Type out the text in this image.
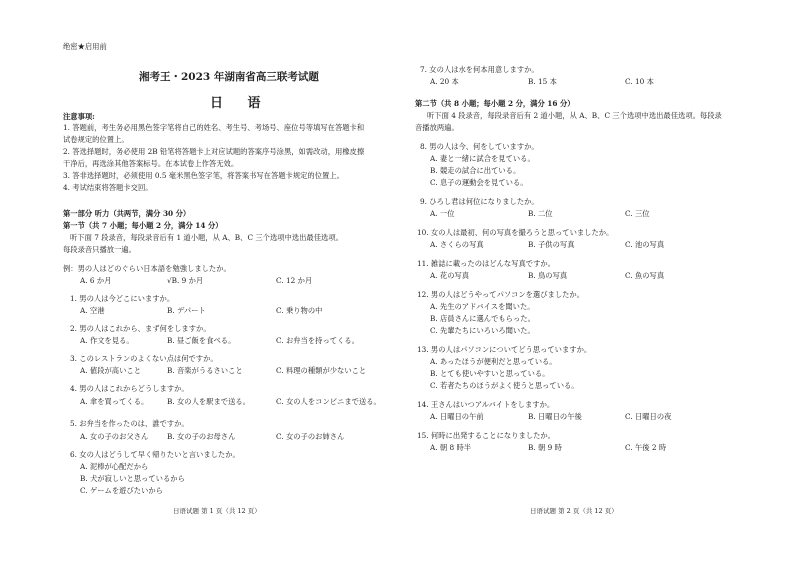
绝密★启用前
湘考王・2023 年湖南省高三联考试题
日 语
注意事项:
1. 答题前，考生务必用黑色签字笔将自己的姓名、考生号、考场号、座位号等填写在答题卡和
试卷规定的位置上。
2. 答选择题时，务必使用 2B 铅笔将答题卡上对应试题的答案序号涂黑，如需改动，用橡皮擦
干净后，再选涂其他答案标号。在本试卷上作答无效。
3. 答非选择题时，必须使用 0.5 毫米黑色签字笔，将答案书写在答题卡规定的位置上。
4. 考试结束将答题卡交回。
第一部分 听力（共两节，满分 30 分）
第一节（共 7 小题；每小题 2 分，满分 14 分）
听下面 7 段录音，每段录音后有 1 道小题，从 A、B、C 三个选项中选出最佳选项。
每段录音只播放一遍。
例：男の人はどのぐらい日本語を勉強しましたか。
A. 6 か月	√B. 9 か月	C. 12 か月
1. 男の人は今どこにいますか。
A. 空港	B. デパート	C. 乗り物の中
2. 男の人はこれから、まず何をしますか。
A. 作文を見る。	B. 昼ご飯を食べる。	C. お弁当を持ってくる。
3. このレストランのよくない点は何ですか。
A. 値段が高いこと	B. 音楽がうるさいこと	C. 料理の種類が少ないこと
4. 男の人はこれからどうしますか。
A. 傘を買ってくる。	B. 女の人を駅まで送る。	C. 女の人をコンビニまで送る。
5. お弁当を作ったのは、誰ですか。
A. 女の子のお父さん	B. 女の子のお母さん	C. 女の子のお姉さん
6. 女の人はどうして早く帰りたいと言いましたか。
A. 泥棒が心配だから
B. 犬が寂しいと思っているから
C. ゲームを遊びたいから
日语试题 第 1 页（共 12 页）
7. 女の人は水を何本用意しますか。
A. 20 本	B. 15 本	C. 10 本
第二节（共 8 小题；每小题 2 分，满分 16 分）
听下面 4 段录音，每段录音后有 2 道小题，从 A、B、C 三个选项中选出最佳选项。每段录
音播放两遍。
8. 男の人は今、何をしていますか。
A. 妻と一緒に試合を見ている。
B. 競走の試合に出ている。
C. 息子の運動会を見ている。
9. ひろし君は何位になりましたか。
A. 一位	B. 二位	C. 三位
10. 女の人は最初、何の写真を撮ろうと思っていましたか。
A. さくらの写真	B. 子供の写真	C. 池の写真
11. 雑誌に載ったのはどんな写真ですか。
A. 花の写真	B. 鳥の写真	C. 魚の写真
12. 男の人はどうやってパソコンを選びましたか。
A. 先生のアドバイスを聞いた。
B. 店員さんに選んでもらった。
C. 先輩たちにいろいろ聞いた。
13. 男の人はパソコンについてどう思っていますか。
A. あったほうが便利だと思っている。
B. とても使いやすいと思っている。
C. 若者たちのほうがよく使うと思っている。
14. 王さんはいつアルバイトをしますか。
A. 日曜日の午前	B. 日曜日の午後	C. 日曜日の夜
15. 何時に出発することになりましたか。
A. 朝 8 時半	B. 朝 9 時	C. 午後 2 時
日语试题 第 2 页（共 12 页）
